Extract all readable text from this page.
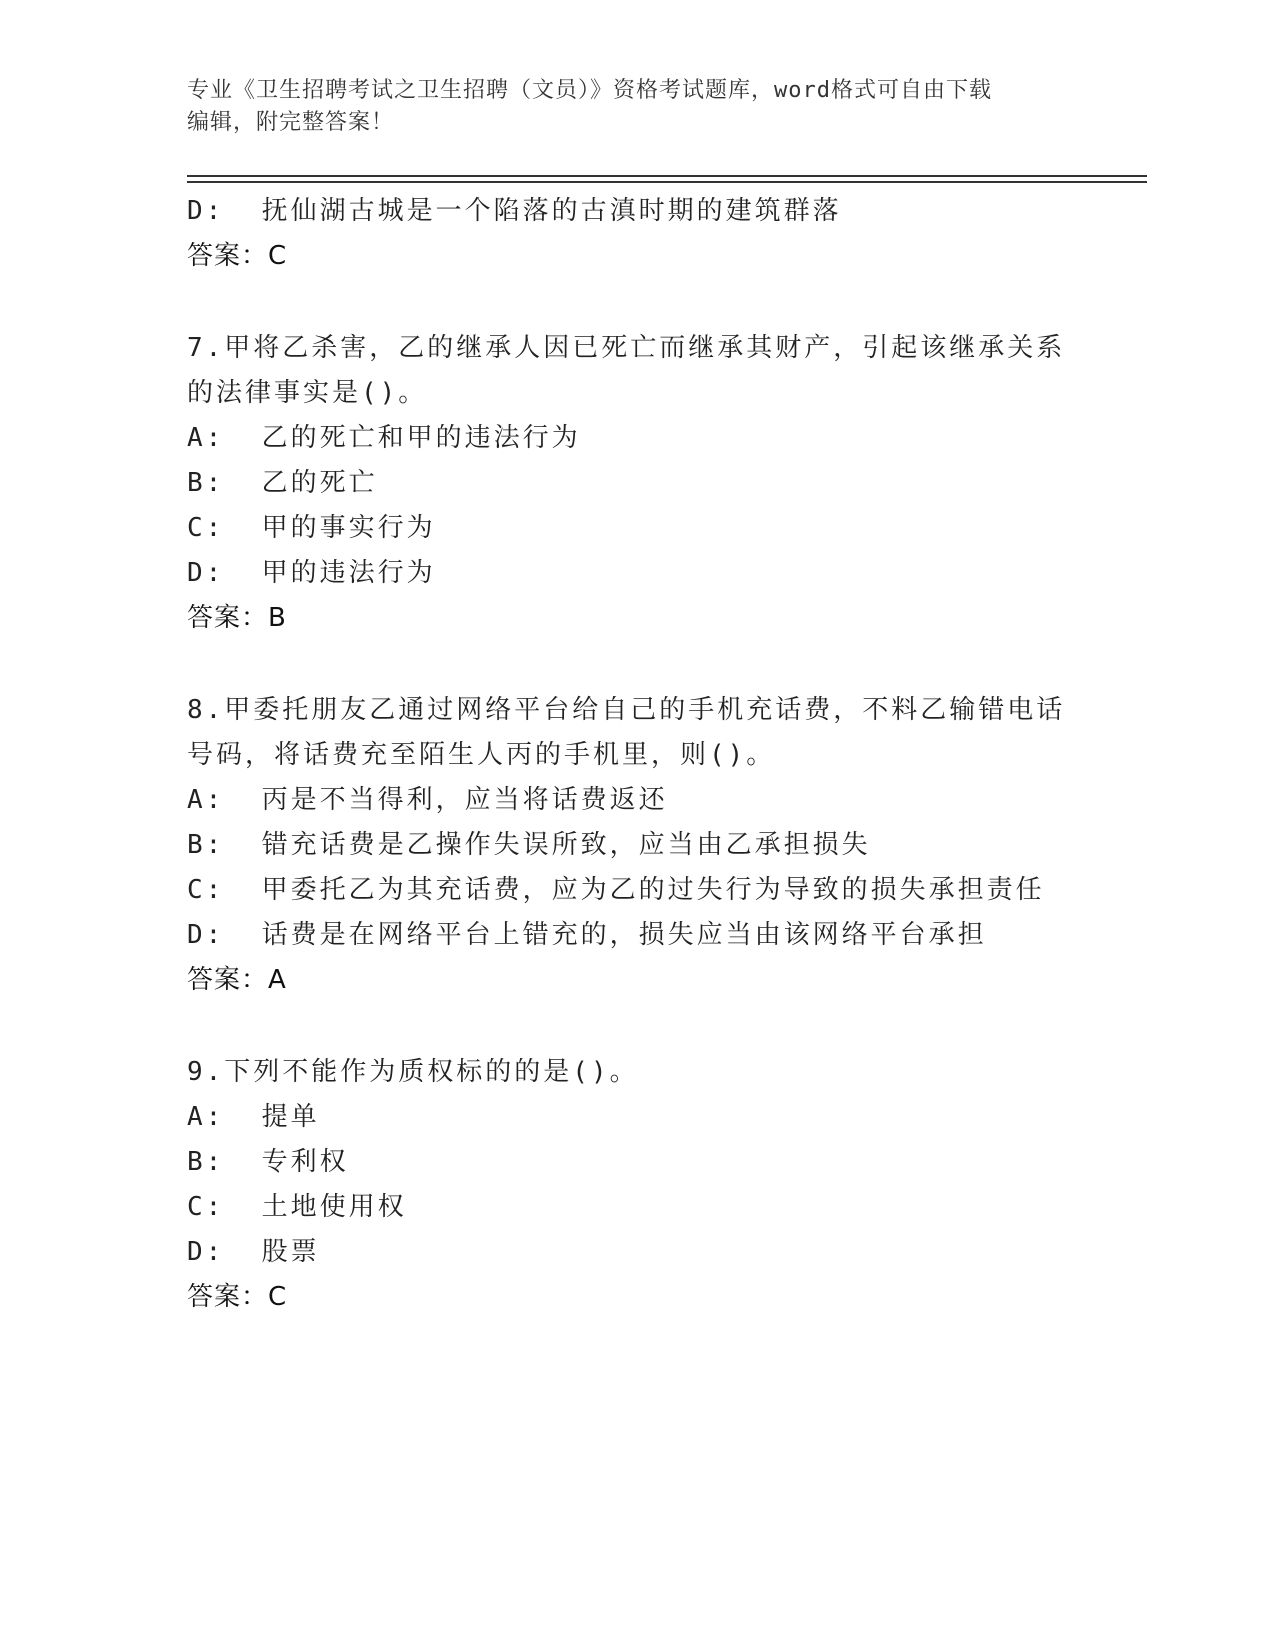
专业《卫生招聘考试之卫生招聘（文员）》资格考试题库，word格式可自由下载
编辑，附完整答案！
D:  抚仙湖古城是一个陷落的古滇时期的建筑群落
答案：C
7.甲将乙杀害，乙的继承人因已死亡而继承其财产，引起该继承关系
的法律事实是()。
A:  乙的死亡和甲的违法行为
B:  乙的死亡
C:  甲的事实行为
D:  甲的违法行为
答案：B
8.甲委托朋友乙通过网络平台给自己的手机充话费，不料乙输错电话
号码，将话费充至陌生人丙的手机里，则()。
A:  丙是不当得利，应当将话费返还
B:  错充话费是乙操作失误所致，应当由乙承担损失
C:  甲委托乙为其充话费，应为乙的过失行为导致的损失承担责任
D:  话费是在网络平台上错充的，损失应当由该网络平台承担
答案：A
9.下列不能作为质权标的的是()。
A:  提单
B:  专利权
C:  土地使用权
D:  股票
答案：C
